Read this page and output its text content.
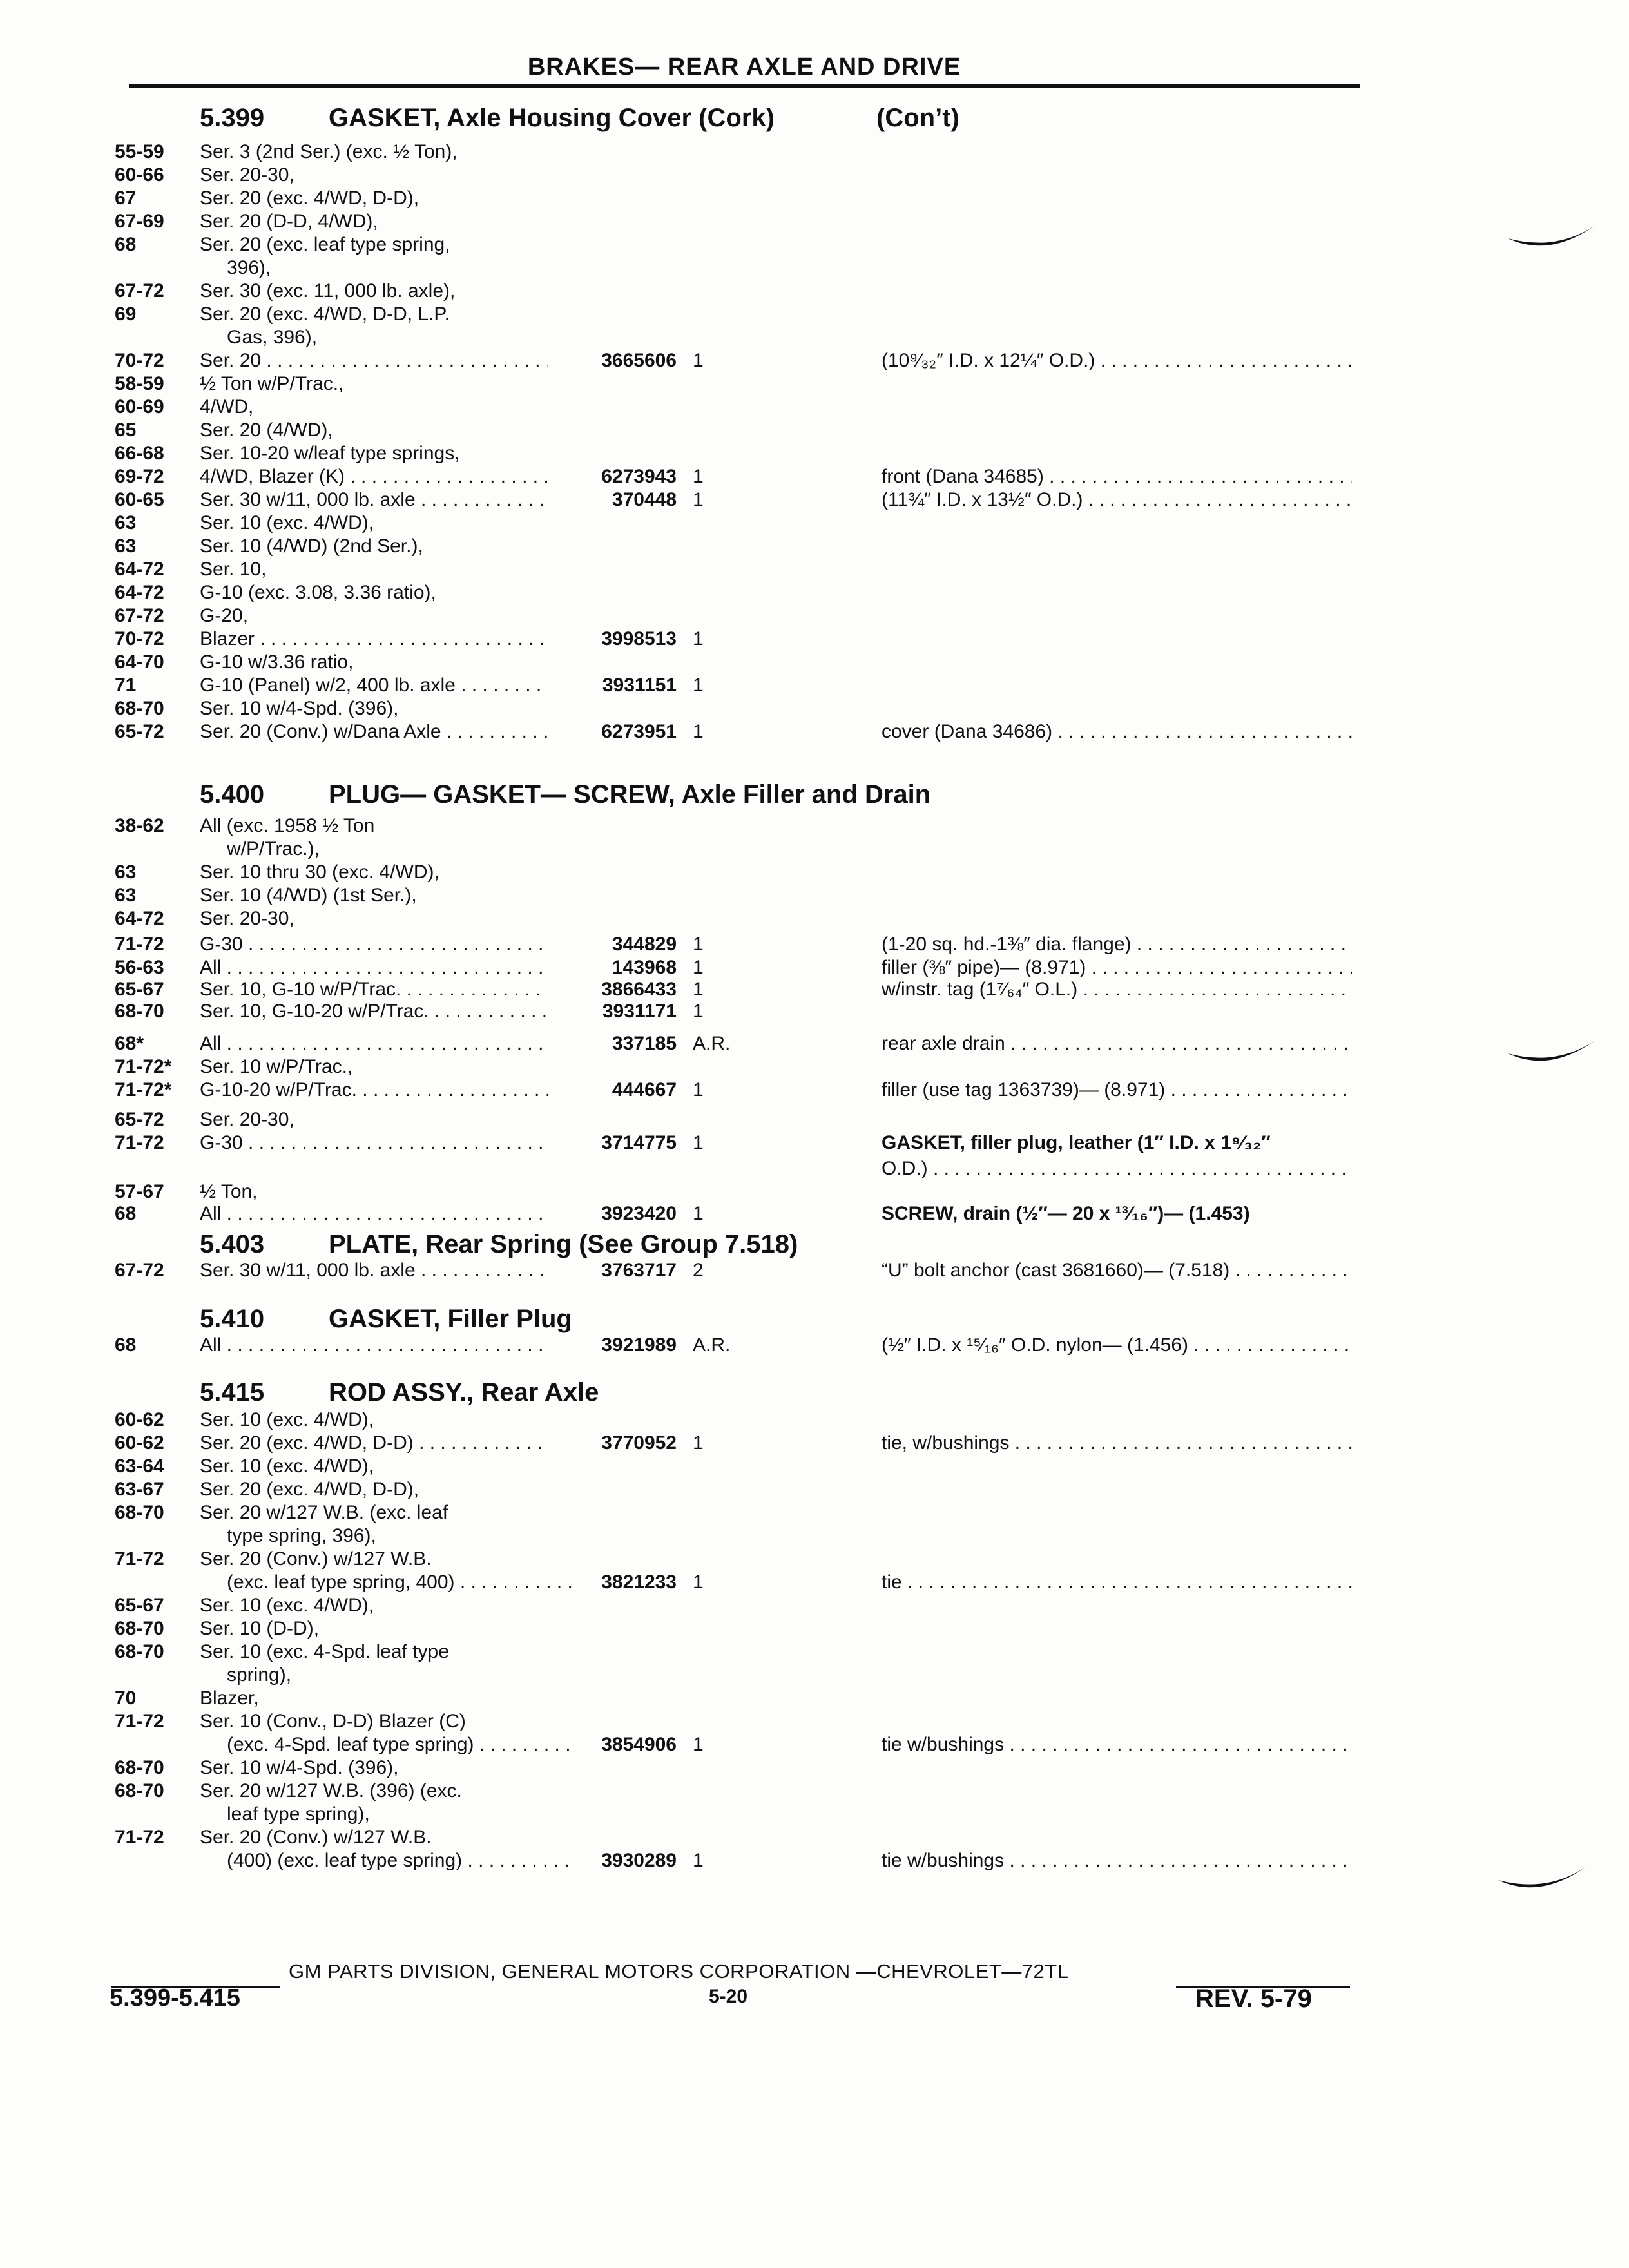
BRAKES— REAR AXLE AND DRIVE
5.399 GASKET, Axle Housing Cover (Cork)	(Con’t)
5.400 PLUG— GASKET— SCREW, Axle Filler and Drain
5.403 PLATE, Rear Spring (See Group 7.518)
5.410 GASKET, Filler Plug
5.415 ROD ASSY., Rear Axle
55-59	Ser. 3 (2nd Ser.) (exc. ½ Ton),
60-66	Ser. 20-30,
67	Ser. 20 (exc. 4/WD, D-D),
67-69	Ser. 20 (D-D, 4/WD),
68	Ser. 20 (exc. leaf type spring,
396),
67-72	Ser. 30 (exc. 11, 000 lb. axle),
69	Ser. 20 (exc. 4/WD, D-D, L.P.
Gas, 396),
70-72	Ser. 20 . . .	3665606 1	(10⁹⁄₃₂″ I.D. x 12¼″ O.D.) . . .
58-59	½ Ton w/P/Trac.,
60-69	4/WD,
65	Ser. 20 (4/WD),
66-68	Ser. 10-20 w/leaf type springs,
69-72	4/WD, Blazer (K) . . .	6273943 1	front (Dana 34685) . . .
60-65	Ser. 30 w/11, 000 lb. axle . . .	370448 1	(11¾″ I.D. x 13½″ O.D.) . . .
63	Ser. 10 (exc. 4/WD),
63	Ser. 10 (4/WD) (2nd Ser.),
64-72	Ser. 10,
64-72	G-10 (exc. 3.08, 3.36 ratio),
67-72	G-20,
70-72	Blazer . . .	3998513 1
64-70	G-10 w/3.36 ratio,
71	G-10 (Panel) w/2, 400 lb. axle . . .	3931151 1
68-70	Ser. 10 w/4-Spd. (396),
65-72	Ser. 20 (Conv.) w/Dana Axle . . .	6273951 1	cover (Dana 34686) . . .
38-62	All (exc. 1958 ½ Ton
w/P/Trac.),
63	Ser. 10 thru 30 (exc. 4/WD),
63	Ser. 10 (4/WD) (1st Ser.),
64-72	Ser. 20-30,
71-72	G-30 . . .	344829 1	(1-20 sq. hd.-1⅜″ dia. flange) . . .
56-63	All . . .	143968 1	filler (⅜″ pipe)— (8.971) . . .
65-67	Ser. 10, G-10 w/P/Trac. . . .	3866433 1	w/instr. tag (1⁷⁄₆₄″ O.L.) . . .
68-70	Ser. 10, G-10-20 w/P/Trac. . . .	3931171 1
68*	All . . .	337185 A.R.	rear axle drain . . .
71-72*	Ser. 10 w/P/Trac.,
71-72*	G-10-20 w/P/Trac. . . .	444667 1	filler (use tag 1363739)— (8.971) . . .
65-72	Ser. 20-30,
71-72	G-30 . . .	3714775 1	GASKET, filler plug, leather (1″ I.D. x 1⁹⁄₃₂″
O.D.) . . .
57-67	½ Ton,
68	All . . .	3923420 1	SCREW, drain (½″— 20 x ¹³⁄₁₆″)— (1.453)
67-72	Ser. 30 w/11, 000 lb. axle . . .	3763717 2	“U” bolt anchor (cast 3681660)— (7.518) . . .
68	All . . .	3921989 A.R.	(½″ I.D. x ¹⁵⁄₁₆″ O.D. nylon— (1.456) . . .
60-62	Ser. 10 (exc. 4/WD),
60-62	Ser. 20 (exc. 4/WD, D-D) . . .	3770952 1	tie, w/bushings . . .
63-64	Ser. 10 (exc. 4/WD),
63-67	Ser. 20 (exc. 4/WD, D-D),
68-70	Ser. 20 w/127 W.B. (exc. leaf
type spring, 396),
71-72	Ser. 20 (Conv.) w/127 W.B.
(exc. leaf type spring, 400) . . .	3821233 1	tie . . .
65-67	Ser. 10 (exc. 4/WD),
68-70	Ser. 10 (D-D),
68-70	Ser. 10 (exc. 4-Spd. leaf type
spring),
70	Blazer,
71-72	Ser. 10 (Conv., D-D) Blazer (C)
(exc. 4-Spd. leaf type spring) . . .	3854906 1	tie w/bushings . . .
68-70	Ser. 10 w/4-Spd. (396),
68-70	Ser. 20 w/127 W.B. (396) (exc.
leaf type spring),
71-72	Ser. 20 (Conv.) w/127 W.B.
(400) (exc. leaf type spring) . . .	3930289 1	tie w/bushings . . .
GM PARTS DIVISION, GENERAL MOTORS CORPORATION —CHEVROLET—72TL
5.399-5.415	5-20	REV. 5-79
